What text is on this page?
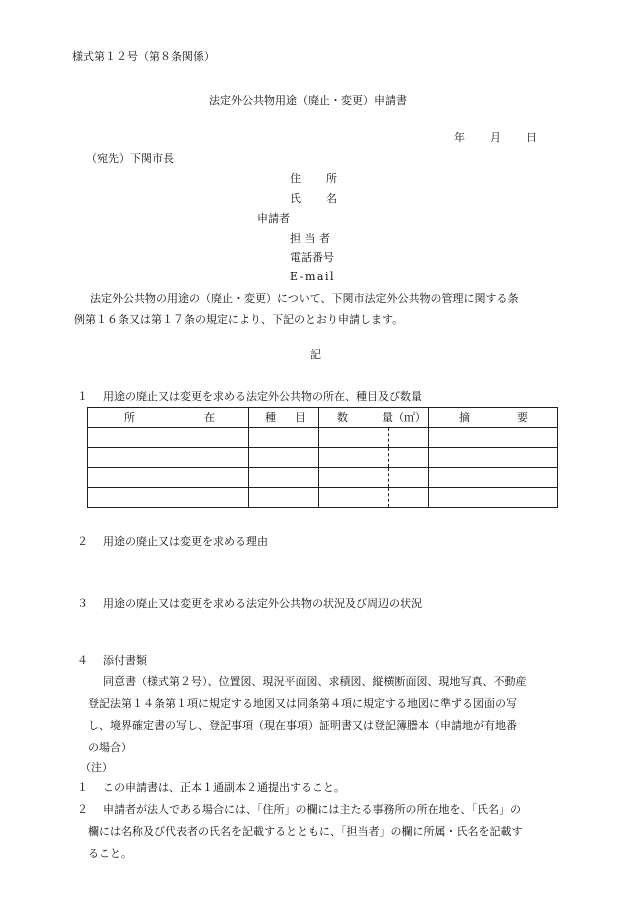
様式第１２号（第８条関係）
法定外公共物用途（廃止・変更）申請書
年 月 日
（宛先）下関市長
住 所
氏 名
申請者
担 当 者
電話番号
E-mail
法定外公共物の用途の（廃止・変更）について、下関市法定外公共物の管理に関する条
例第１６条又は第１７条の規定により、下記のとおり申請します。
記
１ 用途の廃止又は変更を求める法定外公共物の所在、種目及び数量
所 在	種 目	数 量（㎡）		摘 要

２ 用途の廃止又は変更を求める理由
３ 用途の廃止又は変更を求める法定外公共物の状況及び周辺の状況
４ 添付書類
同意書（様式第２号）、位置図、現況平面図、求積図、縦横断面図、現地写真、不動産
登記法第１４条第１項に規定する地図又は同条第４項に規定する地図に準ずる図面の写
し、境界確定書の写し、登記事項（現在事項）証明書又は登記簿謄本（申請地が有地番
の場合）
（注）
１ この申請書は、正本１通副本２通提出すること。
２ 申請者が法人である場合には、「住所」の欄には主たる事務所の所在地を、「氏名」の
欄には名称及び代表者の氏名を記載するとともに、「担当者」の欄に所属・氏名を記載す
ること。
